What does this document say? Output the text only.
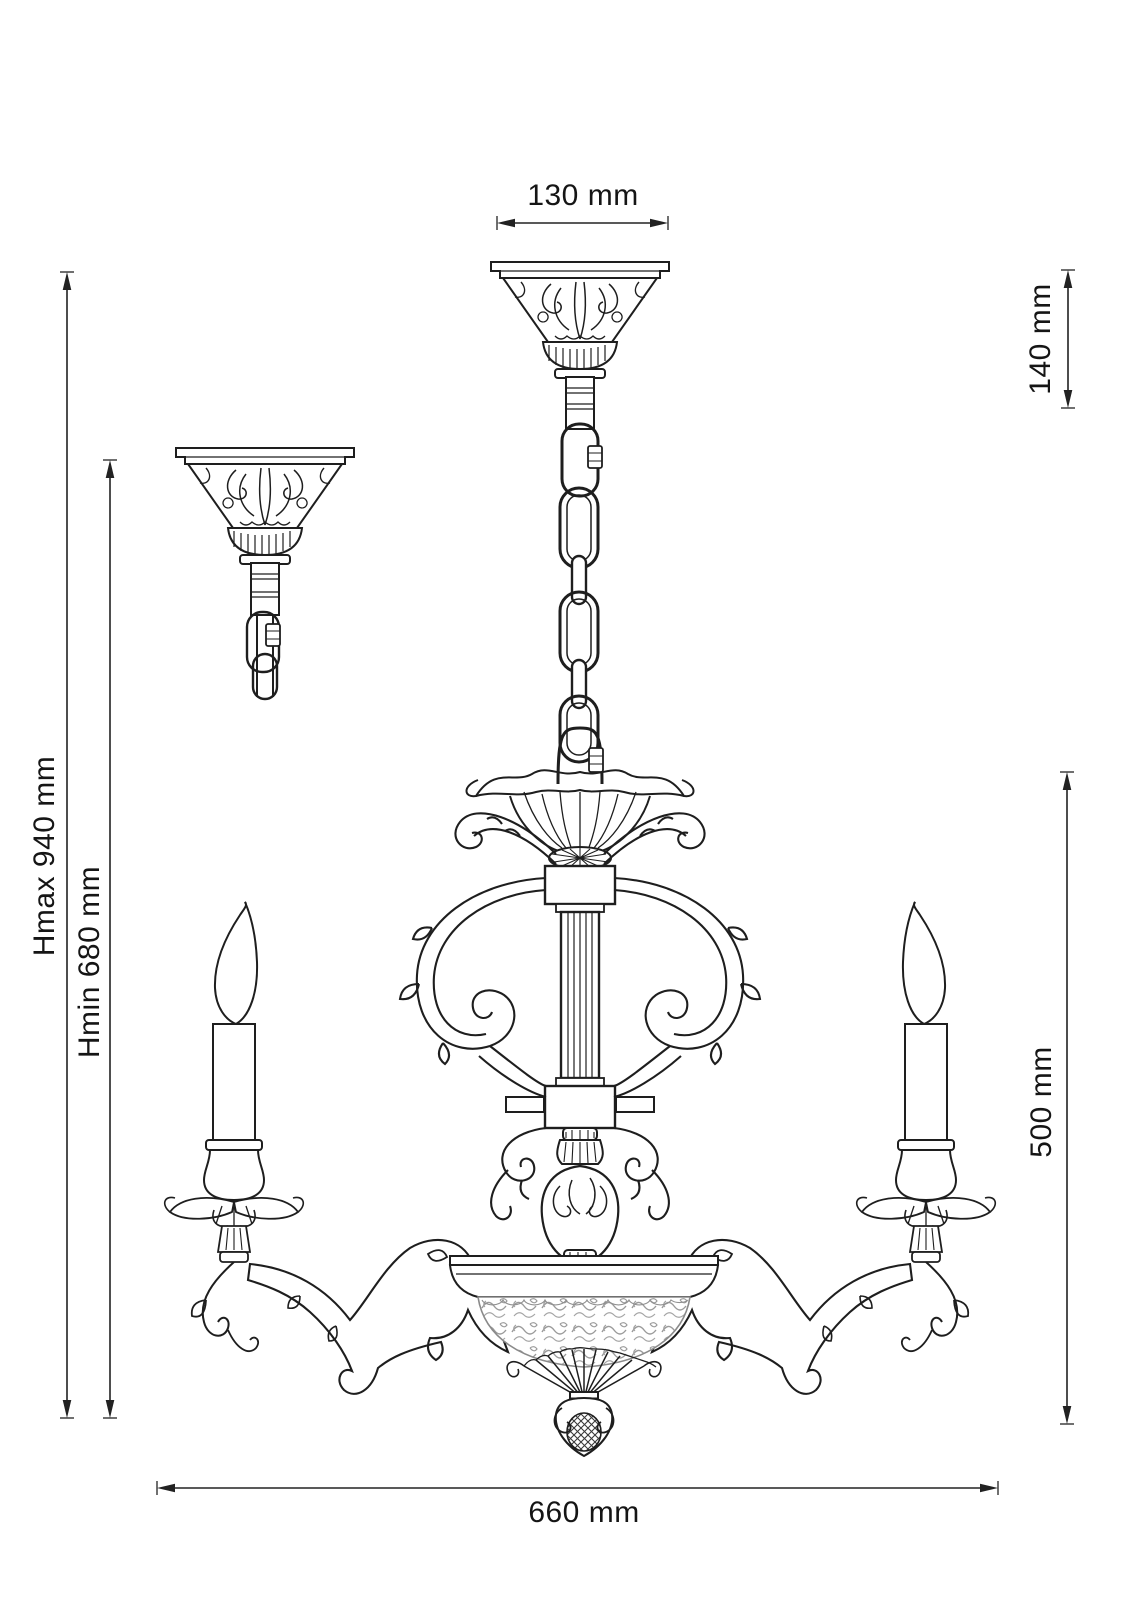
130 mm
140 mm
Hmax 940 mm
Hmin 680 mm
500 mm
660 mm
